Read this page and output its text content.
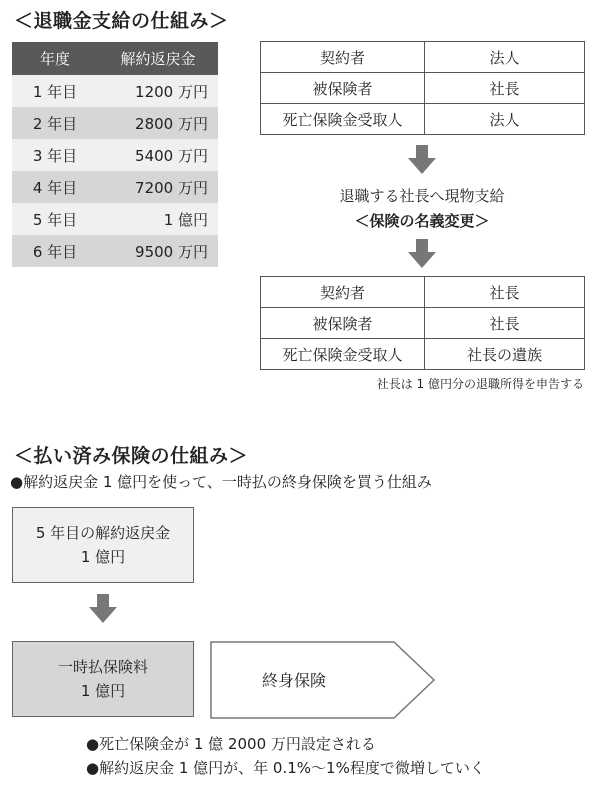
＜退職金支給の仕組み＞
年度	解約返戻金
1 年目	1200 万円
2 年目	2800 万円
3 年目	5400 万円
4 年目	7200 万円
5 年目	1 億円
6 年目	9500 万円
契約者	法人
被保険者	社長
死亡保険金受取人	法人
退職する社長へ現物支給
＜保険の名義変更＞
契約者	社長
被保険者	社長
死亡保険金受取人	社長の遺族
社長は 1 億円分の退職所得を申告する
＜払い済み保険の仕組み＞
●解約返戻金 1 億円を使って、一時払の終身保険を買う仕組み
5 年目の解約返戻金
1 億円
一時払保険料
1 億円
終身保険
●死亡保険金が 1 億 2000 万円設定される
●解約返戻金 1 億円が、年 0.1%～1%程度で微増していく
